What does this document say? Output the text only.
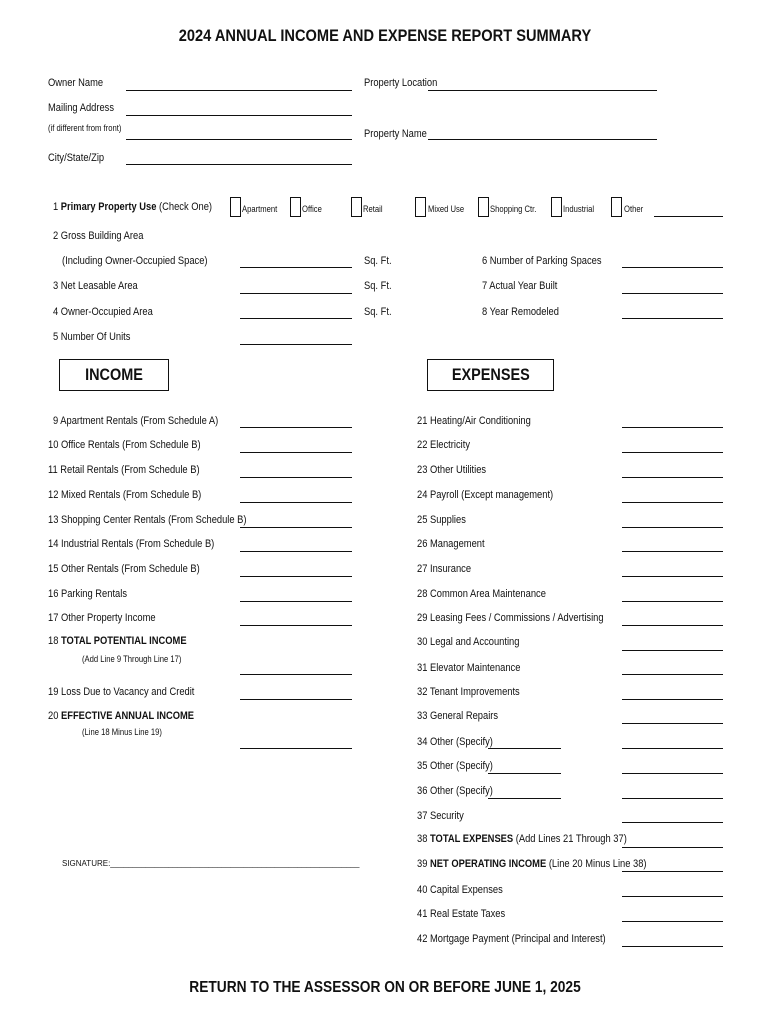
2024 ANNUAL INCOME AND EXPENSE REPORT SUMMARY
Owner Name
Mailing Address
(if different from front)
City/State/Zip
Property Location
Property Name
1 Primary Property Use (Check One)	Apartment	Office	Retail	Mixed Use	Shopping Ctr.	Industrial	Other
2 Gross Building Area
(Including Owner-Occupied Space)	Sq. Ft.
3 Net Leasable Area	Sq. Ft.
4 Owner-Occupied Area	Sq. Ft.
5 Number Of Units
6 Number of Parking Spaces
7 Actual Year Built
8 Year Remodeled
INCOME	EXPENSES
9 Apartment Rentals (From Schedule A)
10 Office Rentals (From Schedule B)
11 Retail Rentals (From Schedule B)
12 Mixed Rentals (From Schedule B)
13 Shopping Center Rentals (From Schedule B)
14 Industrial Rentals (From Schedule B)
15 Other Rentals (From Schedule B)
16 Parking Rentals
17 Other Property Income
18 TOTAL POTENTIAL INCOME
(Add Line 9 Through Line 17)
19 Loss Due to Vacancy and Credit
20 EFFECTIVE ANNUAL INCOME
(Line 18 Minus Line 19)
21 Heating/Air Conditioning
22 Electricity
23 Other Utilities
24 Payroll (Except management)
25 Supplies
26 Management
27 Insurance
28 Common Area Maintenance
29 Leasing Fees / Commissions / Advertising
30 Legal and Accounting
31 Elevator Maintenance
32 Tenant Improvements
33 General Repairs
34 Other (Specify)
35 Other (Specify)
36 Other (Specify)
37 Security
38 TOTAL EXPENSES (Add Lines 21 Through 37)
39 NET OPERATING INCOME (Line 20 Minus Line 38)
40 Capital Expenses
41 Real Estate Taxes
42 Mortgage Payment (Principal and Interest)
SIGNATURE:________________________________________________________
RETURN TO THE ASSESSOR ON OR BEFORE JUNE 1, 2025
